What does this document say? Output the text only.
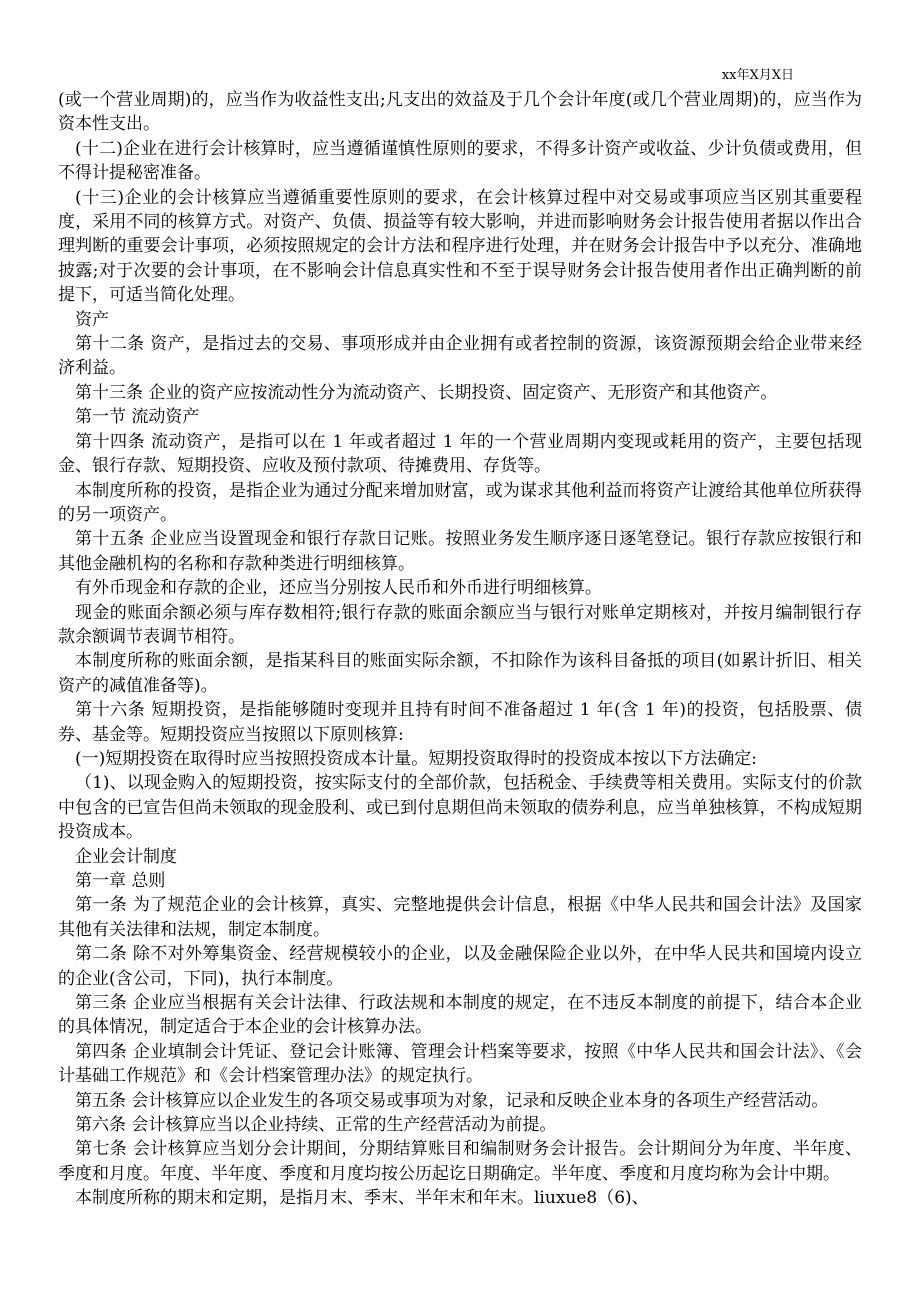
xx年X月X日

(或一个营业周期)的，应当作为收益性支出;凡支出的效益及于几个会计年度(或几个营业周期)的，应当作为资本性支出。

(十二)企业在进行会计核算时，应当遵循谨慎性原则的要求，不得多计资产或收益、少计负债或费用，但不得计提秘密准备。

(十三)企业的会计核算应当遵循重要性原则的要求，在会计核算过程中对交易或事项应当区别其重要程度，采用不同的核算方式。对资产、负债、损益等有较大影响，并进而影响财务会计报告使用者据以作出合理判断的重要会计事项，必须按照规定的会计方法和程序进行处理，并在财务会计报告中予以充分、准确地披露;对于次要的会计事项，在不影响会计信息真实性和不至于误导财务会计报告使用者作出正确判断的前提下，可适当简化处理。

资产

第十二条 资产，是指过去的交易、事项形成并由企业拥有或者控制的资源，该资源预期会给企业带来经济利益。

第十三条 企业的资产应按流动性分为流动资产、长期投资、固定资产、无形资产和其他资产。

第一节 流动资产

第十四条 流动资产，是指可以在 1 年或者超过 1 年的一个营业周期内变现或耗用的资产，主要包括现金、银行存款、短期投资、应收及预付款项、待摊费用、存货等。

本制度所称的投资，是指企业为通过分配来增加财富，或为谋求其他利益而将资产让渡给其他单位所获得的另一项资产。

第十五条 企业应当设置现金和银行存款日记账。按照业务发生顺序逐日逐笔登记。银行存款应按银行和其他金融机构的名称和存款种类进行明细核算。

有外币现金和存款的企业，还应当分别按人民币和外币进行明细核算。

现金的账面余额必须与库存数相符;银行存款的账面余额应当与银行对账单定期核对，并按月编制银行存款余额调节表调节相符。

本制度所称的账面余额，是指某科目的账面实际余额，不扣除作为该科目备抵的项目(如累计折旧、相关资产的减值准备等)。

第十六条 短期投资，是指能够随时变现并且持有时间不准备超过 1 年(含 1 年)的投资，包括股票、债券、基金等。短期投资应当按照以下原则核算:

(一)短期投资在取得时应当按照投资成本计量。短期投资取得时的投资成本按以下方法确定:

（1)、以现金购入的短期投资，按实际支付的全部价款，包括税金、手续费等相关费用。实际支付的价款中包含的已宣告但尚未领取的现金股利、或已到付息期但尚未领取的债券利息，应当单独核算，不构成短期投资成本。

企业会计制度

第一章 总则

第一条 为了规范企业的会计核算，真实、完整地提供会计信息，根据《中华人民共和国会计法》及国家其他有关法律和法规，制定本制度。

第二条 除不对外筹集资金、经营规模较小的企业，以及金融保险企业以外，在中华人民共和国境内设立的企业(含公司，下同)，执行本制度。

第三条 企业应当根据有关会计法律、行政法规和本制度的规定，在不违反本制度的前提下，结合本企业的具体情况，制定适合于本企业的会计核算办法。

第四条 企业填制会计凭证、登记会计账簿、管理会计档案等要求，按照《中华人民共和国会计法》、《会计基础工作规范》和《会计档案管理办法》的规定执行。

第五条 会计核算应以企业发生的各项交易或事项为对象，记录和反映企业本身的各项生产经营活动。

第六条 会计核算应当以企业持续、正常的生产经营活动为前提。

第七条 会计核算应当划分会计期间，分期结算账目和编制财务会计报告。会计期间分为年度、半年度、季度和月度。年度、半年度、季度和月度均按公历起讫日期确定。半年度、季度和月度均称为会计中期。

本制度所称的期末和定期，是指月末、季末、半年末和年末。liuxue8（6)、
